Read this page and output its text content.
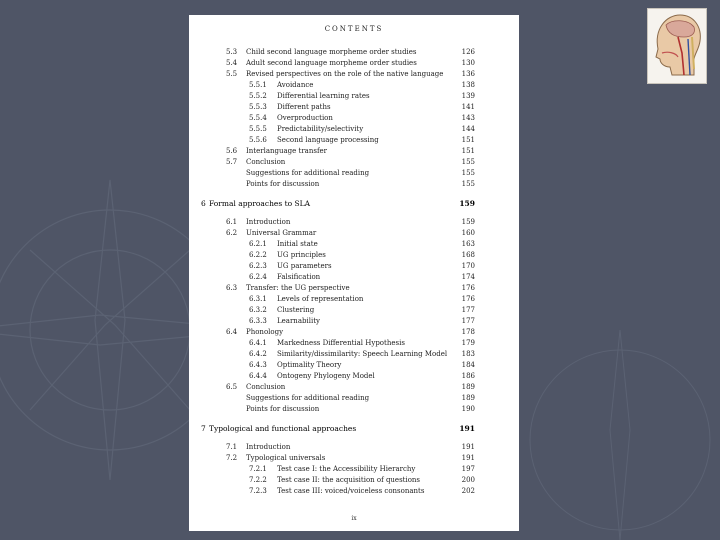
CONTENTS
5.3 Child second language morpheme order studies	126
5.4 Adult second language morpheme order studies	130
5.5 Revised perspectives on the role of the native language	136
5.5.1 Avoidance	138
5.5.2 Differential learning rates	139
5.5.3 Different paths	141
5.5.4 Overproduction	143
5.5.5 Predictability/selectivity	144
5.5.6 Second language processing	151
5.6 Interlanguage transfer	151
5.7 Conclusion	155
Suggestions for additional reading	155
Points for discussion	155
6 Formal approaches to SLA	159
6.1 Introduction	159
6.2 Universal Grammar	160
6.2.1 Initial state	163
6.2.2 UG principles	168
6.2.3 UG parameters	170
6.2.4 Falsification	174
6.3 Transfer: the UG perspective	176
6.3.1 Levels of representation	176
6.3.2 Clustering	177
6.3.3 Learnability	177
6.4 Phonology	178
6.4.1 Markedness Differential Hypothesis	179
6.4.2 Similarity/dissimilarity: Speech Learning Model 183
6.4.3 Optimality Theory	184
6.4.4 Ontogeny Phylogeny Model	186
6.5 Conclusion	189
Suggestions for additional reading	189
Points for discussion	190
7 Typological and functional approaches	191
7.1 Introduction	191
7.2 Typological universals	191
7.2.1 Test case I: the Accessibility Hierarchy	197
7.2.2 Test case II: the acquisition of questions	200
7.2.3 Test case III: voiced/voiceless consonants	202
ix
